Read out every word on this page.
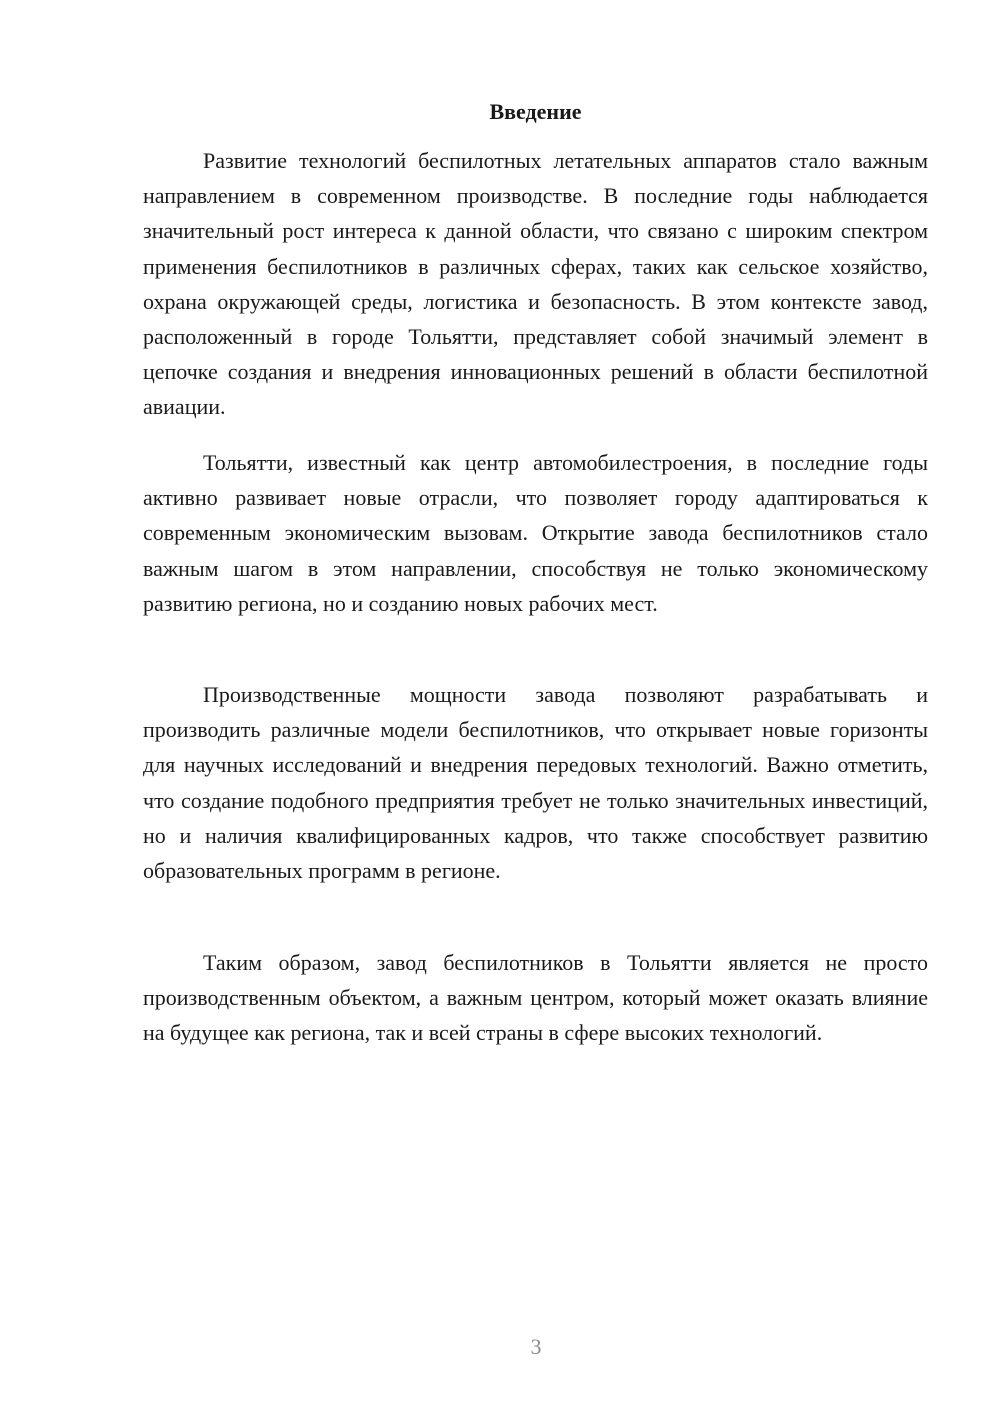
Введение

Развитие технологий беспилотных летательных аппаратов стало важным направлением в современном производстве. В последние годы наблюдается значительный рост интереса к данной области, что связано с широким спектром применения беспилотников в различных сферах, таких как сельское хозяйство, охрана окружающей среды, логистика и безопасность. В этом контексте завод, расположенный в городе Тольятти, представляет собой значимый элемент в цепочке создания и внедрения инновационных решений в области беспилотной авиации.

Тольятти, известный как центр автомобилестроения, в последние годы активно развивает новые отрасли, что позволяет городу адаптироваться к современным экономическим вызовам. Открытие завода беспилотников стало важным шагом в этом направлении, способствуя не только экономическому развитию региона, но и созданию новых рабочих мест.

Производственные мощности завода позволяют разрабатывать и производить различные модели беспилотников, что открывает новые горизонты для научных исследований и внедрения передовых технологий. Важно отметить, что создание подобного предприятия требует не только значительных инвестиций, но и наличия квалифицированных кадров, что также способствует развитию образовательных программ в регионе.

Таким образом, завод беспилотников в Тольятти является не просто производственным объектом, а важным центром, который может оказать влияние на будущее как региона, так и всей страны в сфере высоких технологий.

3
